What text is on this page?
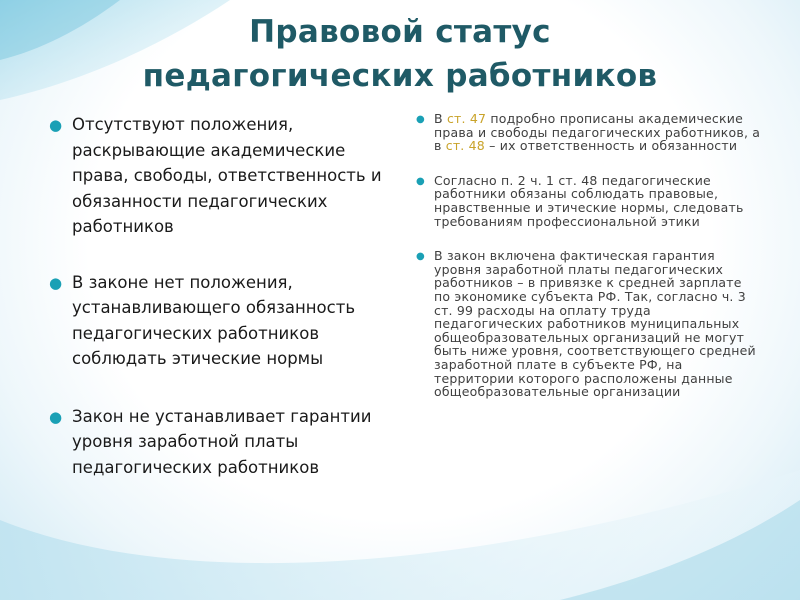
Правовой статус
педагогических работников
● Отсутствуют положения, раскрывающие академические права, свободы, ответственность и обязанности педагогических работников
● В законе нет положения, устанавливающего обязанность педагогических работников соблюдать этические нормы
● Закон не устанавливает гарантии уровня заработной платы педагогических работников
● В ст. 47 подробно прописаны академические права и свободы педагогических работников, а в ст. 48 – их ответственность и обязанности
● Согласно п. 2 ч. 1 ст. 48 педагогические работники обязаны соблюдать правовые, нравственные и этические нормы, следовать требованиям профессиональной этики
● В закон включена фактическая гарантия уровня заработной платы педагогических работников – в привязке к средней зарплате по экономике субъекта РФ. Так, согласно ч. 3 ст. 99 расходы на оплату труда педагогических работников муниципальных общеобразовательных организаций не могут быть ниже уровня, соответствующего средней заработной плате в субъекте РФ, на территории которого расположены данные общеобразовательные организации
